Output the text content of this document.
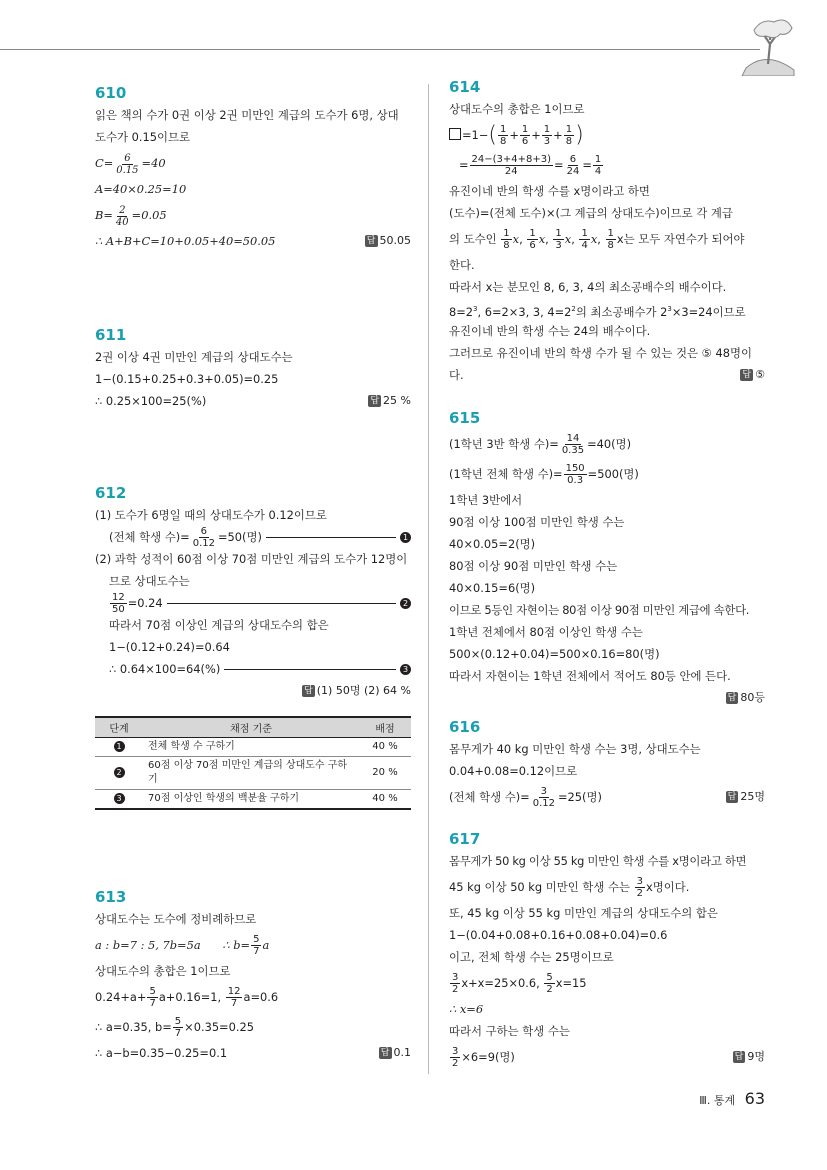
610
읽은 책의 수가 0권 이상 2권 미만인 계급의 도수가 6명, 상대
도수가 0.15이므로
$C= \frac{6}{0.15} =40$
A=40×0.25=10
$B= \frac{2}{40} =0.05$
∴ A+B+C=10+0.05+40=50.05	답 50.05
611
2권 이상 4권 미만인 계급의 상대도수는
1−(0.15+0.25+0.3+0.05)=0.25
∴ 0.25×100=25(%)	답 25 %
612
(1) 도수가 6명일 때의 상대도수가 0.12이므로
(전체 학생 수)= $\frac{6}{0.12} =50$(명)	1
(2) 과학 성적이 60점 이상 70점 미만인 계급의 도수가 12명이
므로 상대도수는
$\frac{12}{50} =0.24$	2
따라서 70점 이상인 계급의 상대도수의 합은
1−(0.12+0.24)=0.64
∴ 0.64×100=64(%)	3
답 (1) 50명 (2) 64 %
단계	채점 기준	배점
1	전체 학생 수 구하기	40 %
2	60점 이상 70점 미만인 계급의 상대도수 구하기	20 %
3	70점 이상인 학생의 백분율 구하기	40 %
613
상대도수는 도수에 정비례하므로
a : b=7 : 5, 7b=5a      ∴ $b= \frac{5}{7}$ a
상대도수의 총합은 1이므로
$0.24+a+ \frac{5}{7} a+0.16=1$, $\frac{12}{7} a=0.6$
∴ a=0.35, $b= \frac{5}{7} \times 0.35=0.25$
∴ a−b=0.35−0.25=0.1	답 0.1
614
상대도수의 총합은 1이므로
$=1-( \frac{1}{8} + \frac{1}{6} + \frac{1}{3} + \frac{1}{8}$ )
= $\frac{24-(3+4+8+3)}{24} = \frac{6}{24} = \frac{1}{4}$
유진이네 반의 학생 수를 x명이라고 하면
(도수)=(전체 도수)×(그 계급의 상대도수)이므로 각 계급
의 도수인 $\frac{1}{8} x$, $\frac{1}{6} x$, $\frac{1}{3} x$, $\frac{1}{4} x$, $\frac{1}{8}$ x는 모두 자연수가 되어야
한다.
따라서 x는 분모인 8, 6, 3, 4의 최소공배수의 배수이다.
$8=2^3$, 6=2×3, 3, $4=2^2$의 최소공배수가 $2^3\times 3=24$이므로
유진이네 반의 학생 수는 24의 배수이다.
그러므로 유진이네 반의 학생 수가 될 수 있는 것은 ⑤ 48명이
다.	답 ⑤
615
(1학년 3반 학생 수)= $\frac{14}{0.35} =40$(명)
(1학년 전체 학생 수)= $\frac{150}{0.3} =500$(명)
1학년 3반에서
90점 이상 100점 미만인 학생 수는
40×0.05=2(명)
80점 이상 90점 미만인 학생 수는
40×0.15=6(명)
이므로 5등인 자현이는 80점 이상 90점 미만인 계급에 속한다.
1학년 전체에서 80점 이상인 학생 수는
500×(0.12+0.04)=500×0.16=80(명)
따라서 자현이는 1학년 전체에서 적어도 80등 안에 든다.
답 80등
616
몸무게가 40 kg 미만인 학생 수는 3명, 상대도수는
0.04+0.08=0.12이므로
(전체 학생 수)= $\frac{3}{0.12} =25$(명)	답 25명
617
몸무게가 50 kg 이상 55 kg 미만인 학생 수를 x명이라고 하면
45 kg 이상 50 kg 미만인 학생 수는 $\frac{3}{2}$ x명이다.
또, 45 kg 이상 55 kg 미만인 계급의 상대도수의 합은
1−(0.04+0.08+0.16+0.08+0.04)=0.6
이고, 전체 학생 수는 25명이므로
$\frac{3}{2} x+x=25\times 0.6$, $\frac{5}{2} x=15$
∴ x=6
따라서 구하는 학생 수는
$\frac{3}{2} \times 6=9$(명)	답 9명
Ⅲ. 통계 63
